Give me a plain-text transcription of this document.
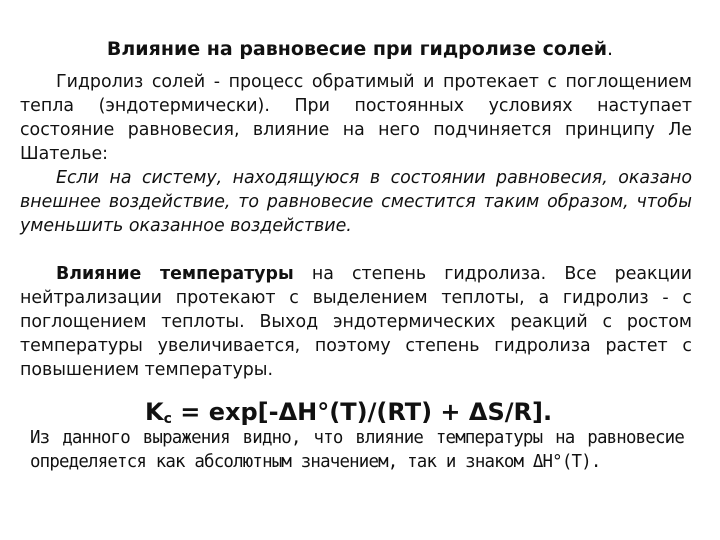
Влияние на равновесие при гидролизе солей.
Гидролиз солей - процесс обратимый и протекает с поглощением тепла (эндотермически). При постоянных условиях наступает состояние равновесия, влияние на него подчиняется принципу Ле Шателье:
Если на систему, находящуюся в состоянии равновесия, оказано внешнее воздействие, то равновесие сместится таким образом, чтобы уменьшить оказанное воздействие.
Влияние температуры на степень гидролиза. Все реакции нейтрализации протекают с выделением теплоты, а гидролиз - с поглощением теплоты. Выход эндотермических реакций с ростом температуры увеличивается, поэтому степень гидролиза растет с повышением температуры.
$K_c = \exp[-\Delta H^\circ(T)/(RT) + \Delta S/R]$.
Из данного выражения видно, что влияние температуры на равновесие определяется как абсолютным значением, так и знаком ΔH°(T).
